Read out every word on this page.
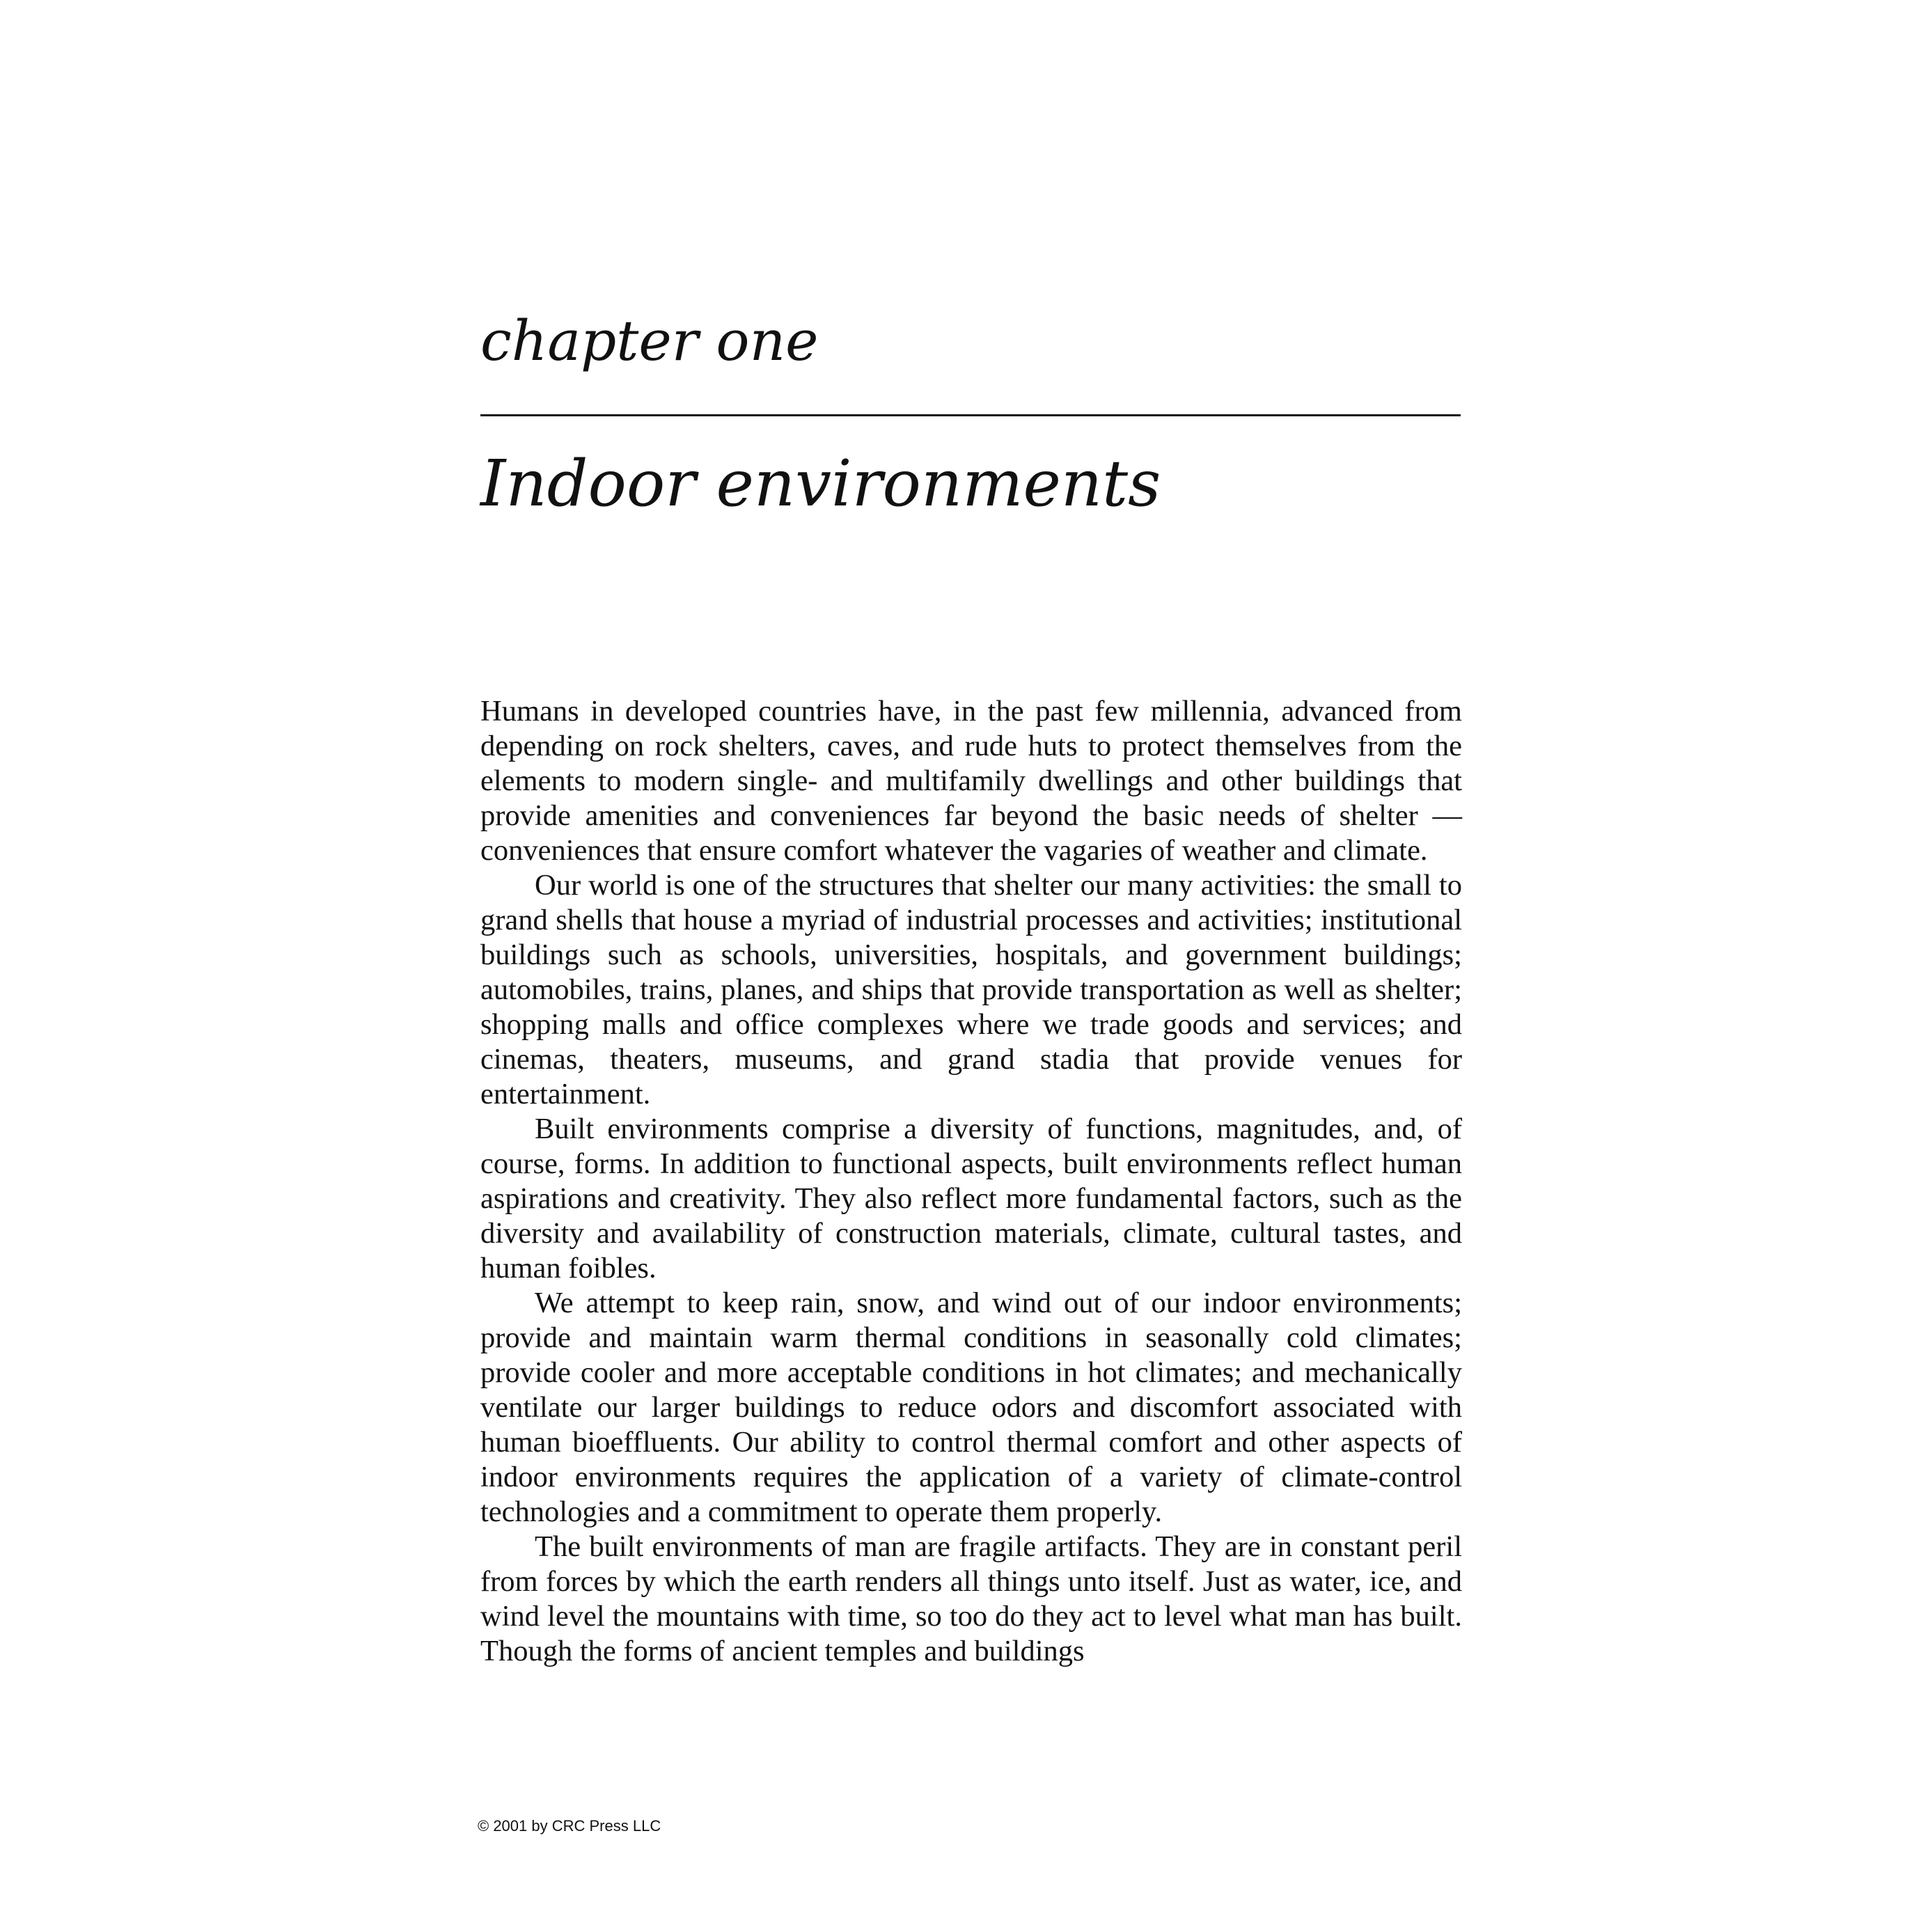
chapter one
Indoor environments

Humans in developed countries have, in the past few millennia, advanced from depending on rock shelters, caves, and rude huts to protect themselves from the elements to modern single- and multifamily dwellings and other buildings that provide amenities and conveniences far beyond the basic needs of shelter — conveniences that ensure comfort whatever the vagaries of weather and climate.

Our world is one of the structures that shelter our many activities: the small to grand shells that house a myriad of industrial processes and activities; institutional buildings such as schools, universities, hospitals, and government buildings; automobiles, trains, planes, and ships that provide transportation as well as shelter; shopping malls and office complexes where we trade goods and services; and cinemas, theaters, museums, and grand stadia that provide venues for entertainment.

Built environments comprise a diversity of functions, magnitudes, and, of course, forms. In addition to functional aspects, built environments reflect human aspirations and creativity. They also reflect more fundamental factors, such as the diversity and availability of construction materials, climate, cultural tastes, and human foibles.

We attempt to keep rain, snow, and wind out of our indoor environments; provide and maintain warm thermal conditions in seasonally cold climates; provide cooler and more acceptable conditions in hot climates; and mechanically ventilate our larger buildings to reduce odors and discomfort associated with human bioeffluents. Our ability to control thermal comfort and other aspects of indoor environments requires the application of a variety of climate-control technologies and a commitment to operate them properly.

The built environments of man are fragile artifacts. They are in constant peril from forces by which the earth renders all things unto itself. Just as water, ice, and wind level the mountains with time, so too do they act to level what man has built. Though the forms of ancient temples and buildings

© 2001 by CRC Press LLC
